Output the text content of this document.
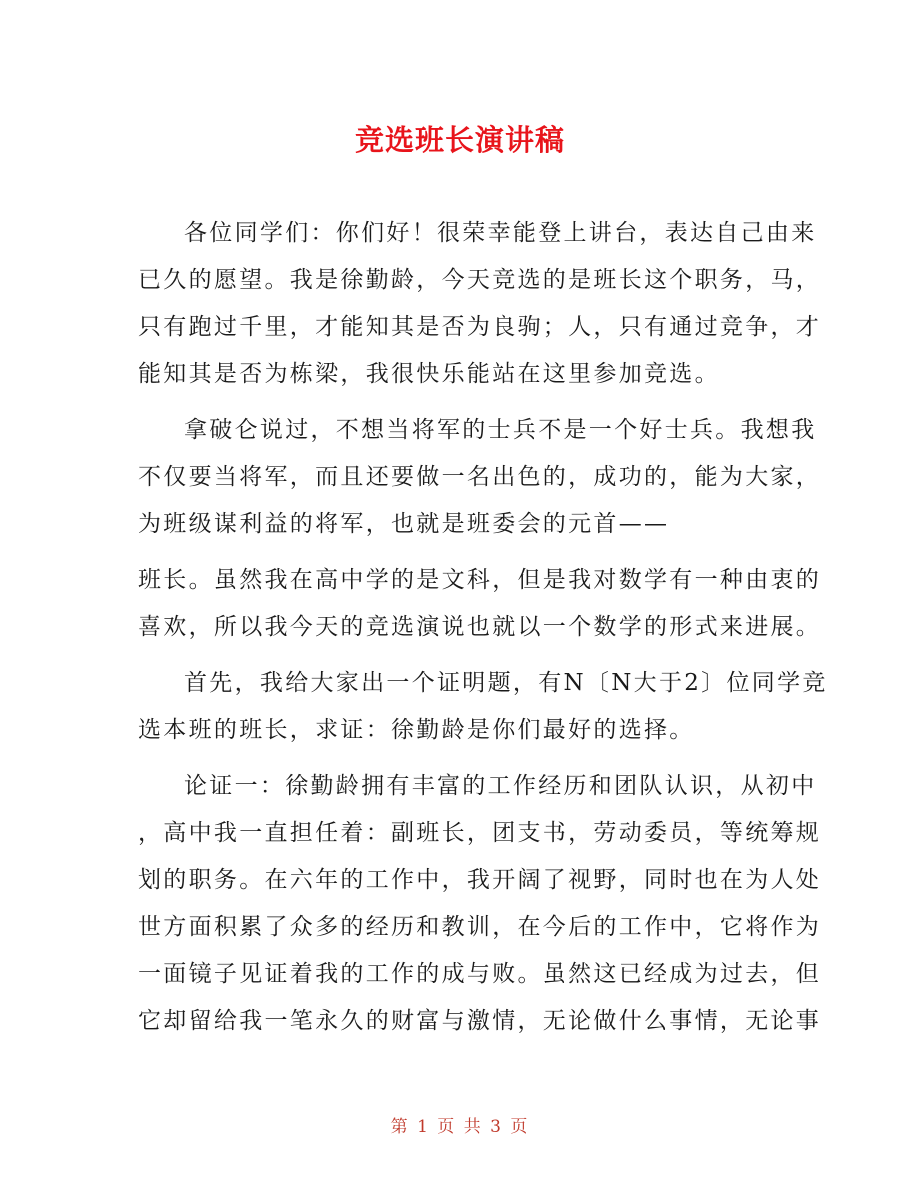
竞选班长演讲稿
各位同学们：你们好！很荣幸能登上讲台，表达自己由来
已久的愿望。我是徐勤龄，今天竞选的是班长这个职务，马，
只有跑过千里，才能知其是否为良驹；人，只有通过竞争，才
能知其是否为栋梁，我很快乐能站在这里参加竞选。
拿破仑说过，不想当将军的士兵不是一个好士兵。我想我
不仅要当将军，而且还要做一名出色的，成功的，能为大家，
为班级谋利益的将军，也就是班委会的元首——
班长。虽然我在高中学的是文科，但是我对数学有一种由衷的
喜欢，所以我今天的竞选演说也就以一个数学的形式来进展。
首先，我给大家出一个证明题，有N〔N大于2〕位同学竞
选本班的班长，求证：徐勤龄是你们最好的选择。
论证一：徐勤龄拥有丰富的工作经历和团队认识，从初中
，高中我一直担任着：副班长，团支书，劳动委员，等统筹规
划的职务。在六年的工作中，我开阔了视野，同时也在为人处
世方面积累了众多的经历和教训，在今后的工作中，它将作为
一面镜子见证着我的工作的成与败。虽然这已经成为过去，但
它却留给我一笔永久的财富与激情，无论做什么事情，无论事
第 1 页 共 3 页
